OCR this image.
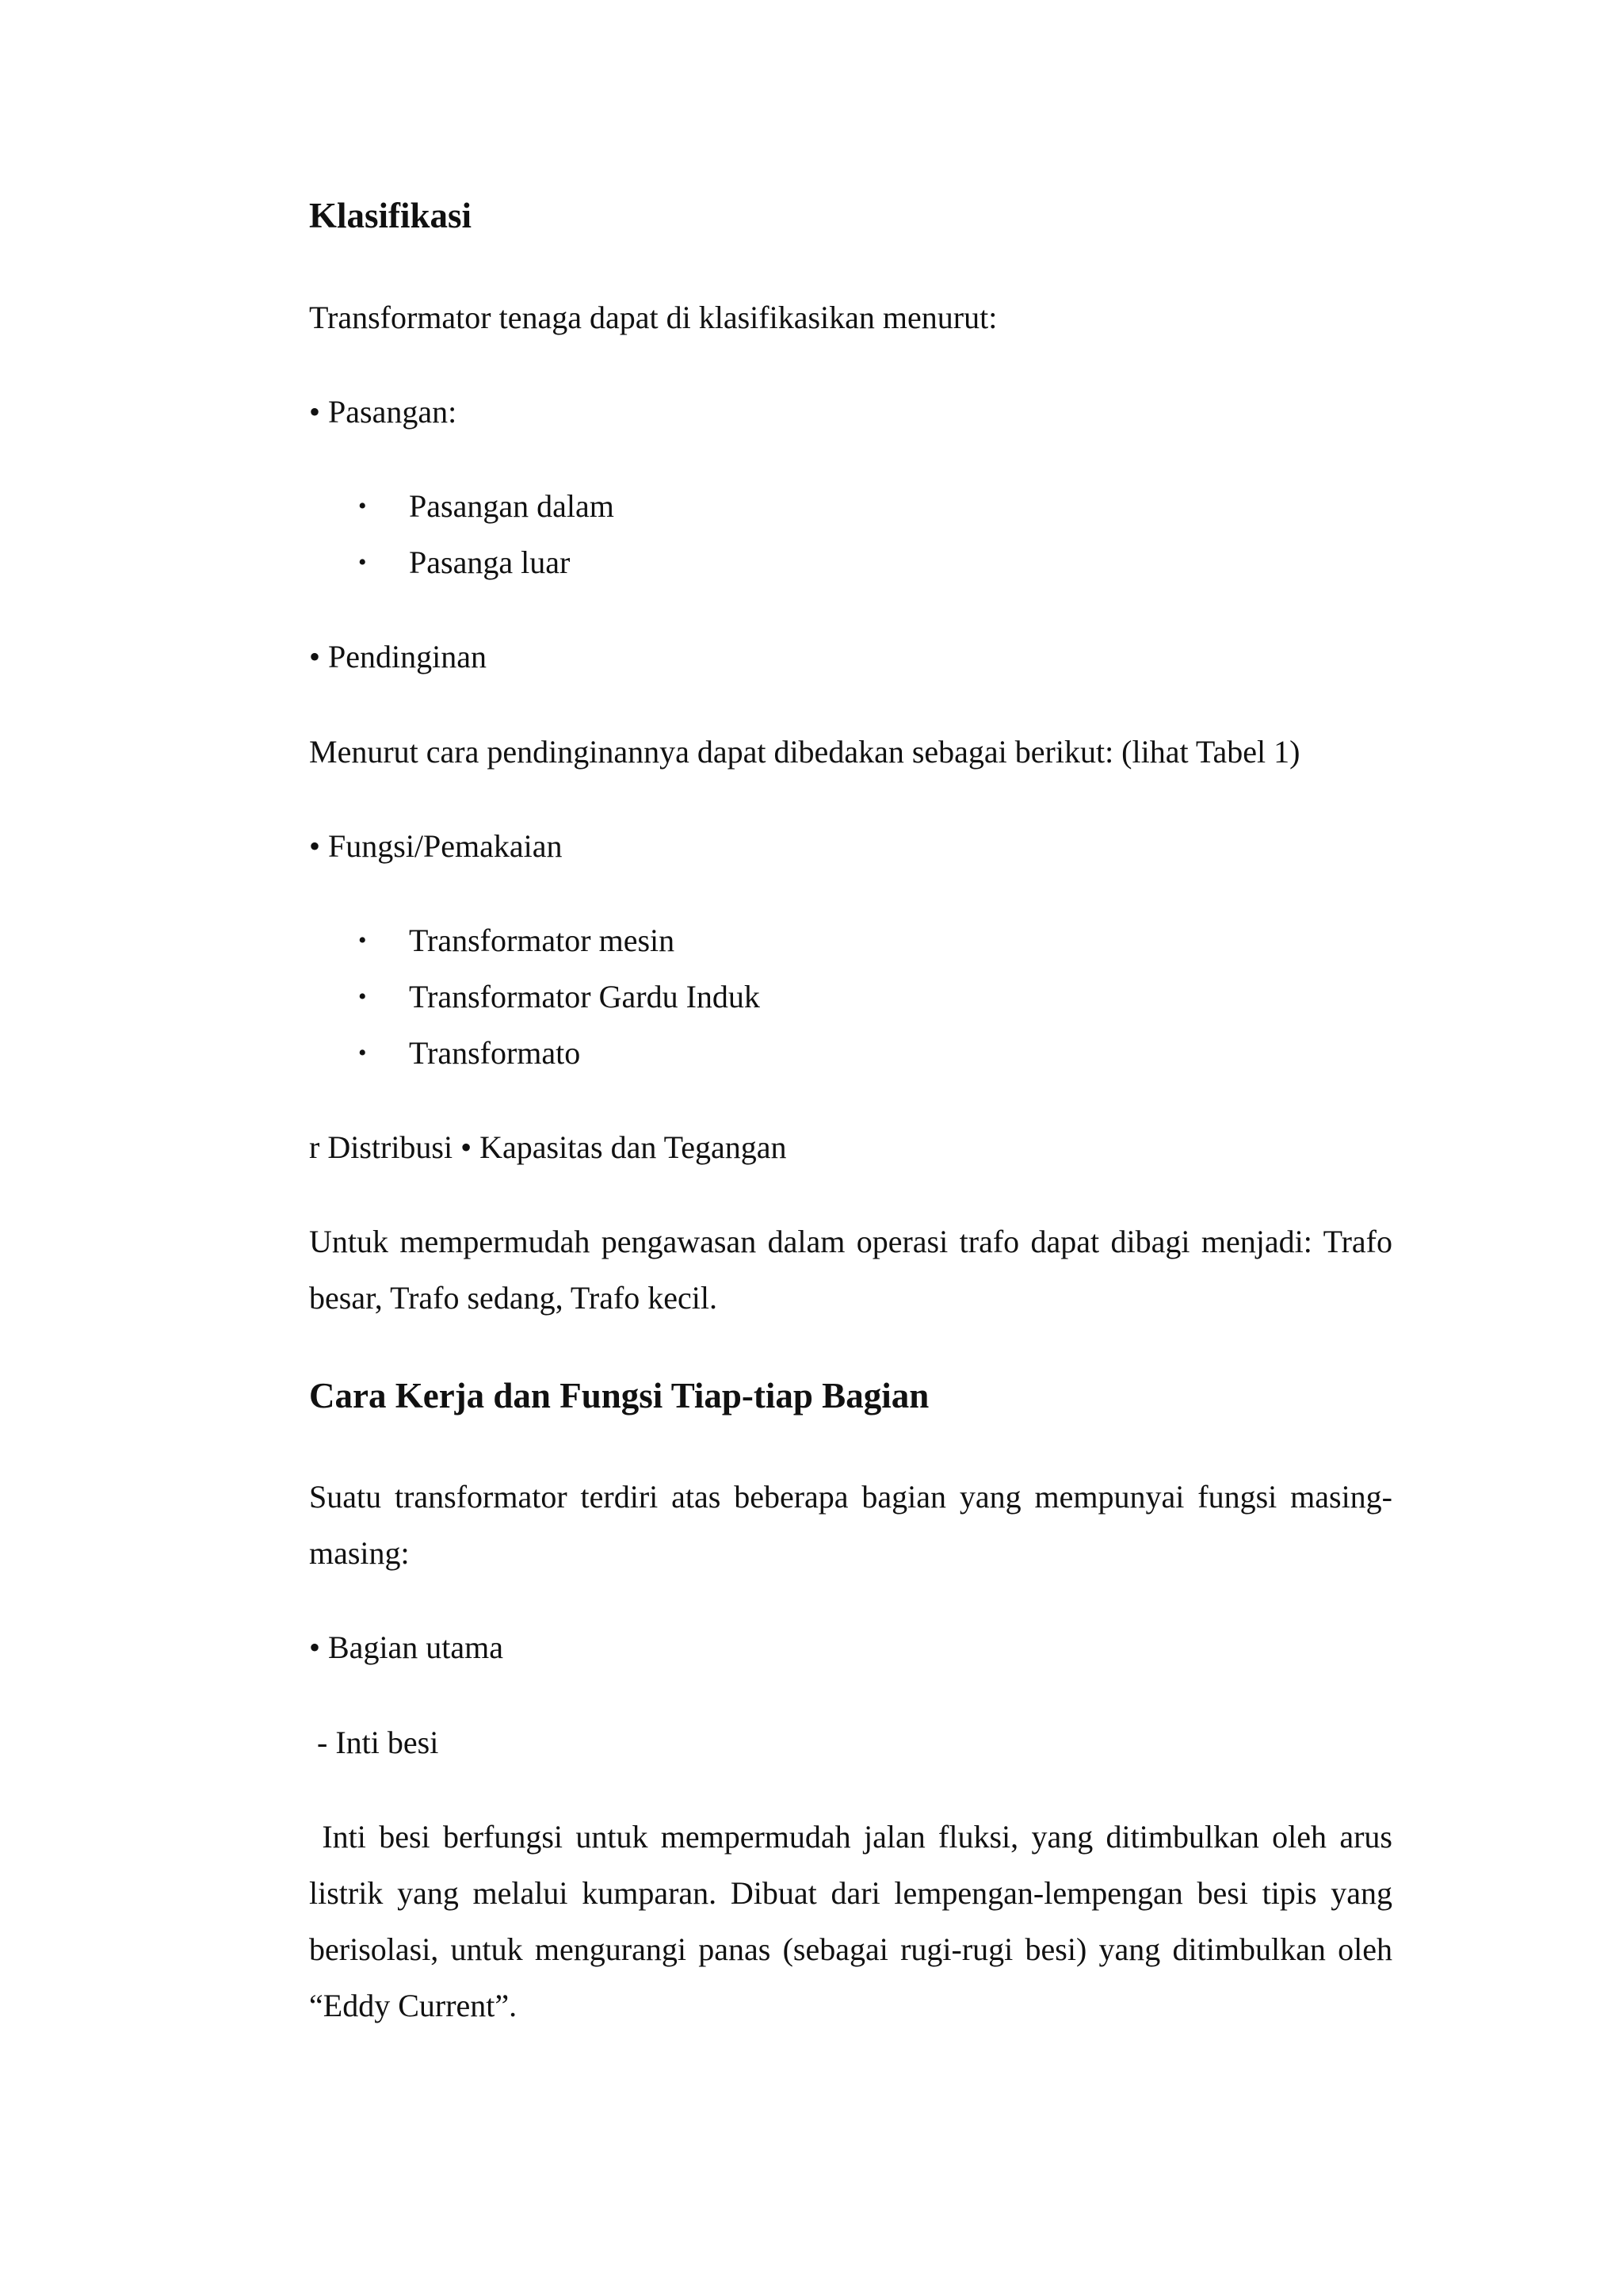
Klasifikasi
Transformator tenaga dapat di klasifikasikan menurut:
• Pasangan:
• Pasangan dalam
• Pasanga luar
• Pendinginan
Menurut cara pendinginannya dapat dibedakan sebagai berikut: (lihat Tabel 1)
• Fungsi/Pemakaian
• Transformator mesin
• Transformator Gardu Induk
• Transformato
r Distribusi • Kapasitas dan Tegangan
Untuk mempermudah pengawasan dalam operasi trafo dapat dibagi menjadi: Trafo besar, Trafo sedang, Trafo kecil.
Cara Kerja dan Fungsi Tiap-tiap Bagian
Suatu transformator terdiri atas beberapa bagian yang mempunyai fungsi masing-masing:
• Bagian utama
- Inti besi
Inti besi berfungsi untuk mempermudah jalan fluksi, yang ditimbulkan oleh arus listrik yang melalui kumparan. Dibuat dari lempengan-lempengan besi tipis yang berisolasi, untuk mengurangi panas (sebagai rugi-rugi besi) yang ditimbulkan oleh “Eddy Current”.
